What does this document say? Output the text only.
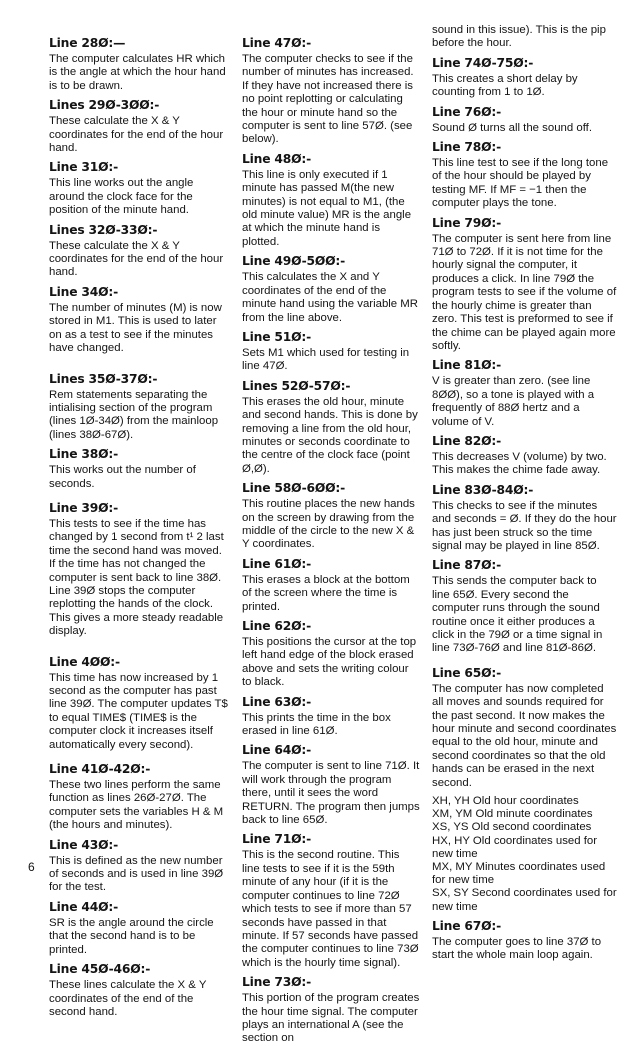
Line 28Ø:—
The computer calculates HR which is the angle at which the hour hand is to be drawn.
Lines 29Ø-3ØØ:-
These calculate the X & Y coordinates for the end of the hour hand.
Line 31Ø:-
This line works out the angle around the clock face for the position of the minute hand.
Lines 32Ø-33Ø:-
These calculate the X & Y coordinates for the end of the hour hand.
Line 34Ø:-
The number of minutes (M) is now stored in M1. This is used to later on as a test to see if the minutes have changed.
Lines 35Ø-37Ø:-
Rem statements separating the intialising section of the program (lines 1Ø-34Ø) from the mainloop (lines 38Ø-67Ø).
Line 38Ø:-
This works out the number of seconds.
Line 39Ø:-
This tests to see if the time has changed by 1 second from t¹ 2 last time the second hand was moved. If the time has not changed the computer is sent back to line 38Ø. Line 39Ø stops the computer replotting the hands of the clock. This gives a more steady readable display.
Line 4ØØ:-
This time has now increased by 1 second as the computer has past line 39Ø. The computer updates T$ to equal TIME$ (TIME$ is the computer clock it increases itself automatically every second).
Line 41Ø-42Ø:-
These two lines perform the same function as lines 26Ø-27Ø. The computer sets the variables H & M (the hours and minutes).
Line 43Ø:-
This is defined as the new number of seconds and is used in line 39Ø for the test.
Line 44Ø:-
SR is the angle around the circle that the second hand is to be printed.
Line 45Ø-46Ø:-
These lines calculate the X & Y coordinates of the end of the second hand.
Line 47Ø:-
The computer checks to see if the number of minutes has increased. If they have not increased there is no point replotting or calculating the hour or minute hand so the computer is sent to line 57Ø. (see below).
Line 48Ø:-
This line is only executed if 1 minute has passed M(the new minutes) is not equal to M1, (the old minute value) MR is the angle at which the minute hand is plotted.
Line 49Ø-5ØØ:-
This calculates the X and Y coordinates of the end of the minute hand using the variable MR from the line above.
Line 51Ø:-
Sets M1 which used for testing in line 47Ø.
Lines 52Ø-57Ø:-
This erases the old hour, minute and second hands. This is done by removing a line from the old hour, minutes or seconds coordinate to the centre of the clock face (point Ø,Ø).
Line 58Ø-6ØØ:-
This routine places the new hands on the screen by drawing from the middle of the circle to the new X & Y coordinates.
Line 61Ø:-
This erases a block at the bottom of the screen where the time is printed.
Line 62Ø:-
This positions the cursor at the top left hand edge of the block erased above and sets the writing colour to black.
Line 63Ø:-
This prints the time in the box erased in line 61Ø.
Line 64Ø:-
The computer is sent to line 71Ø. It will work through the program there, until it sees the word RETURN. The program then jumps back to line 65Ø.
Line 71Ø:-
This is the second routine. This line tests to see if it is the 59th minute of any hour (if it is the computer continues to line 72Ø which tests to see if more than 57 seconds have passed in that minute. If 57 seconds have passed the computer continues to line 73Ø which is the hourly time signal).
Line 73Ø:-
This portion of the program creates the hour time signal. The computer plays an international A (see the section on
sound in this issue). This is the pip before the hour.
Line 74Ø-75Ø:-
This creates a short delay by counting from 1 to 1Ø.
Line 76Ø:-
Sound Ø turns all the sound off.
Line 78Ø:-
This line test to see if the long tone of the hour should be played by testing MF. If MF = −1 then the computer plays the tone.
Line 79Ø:-
The computer is sent here from line 71Ø to 72Ø. If it is not time for the hourly signal the computer, it produces a click. In line 79Ø the program tests to see if the volume of the hourly chime is greater than zero. This test is preformed to see if the chime can be played again more softly.
Line 81Ø:-
V is greater than zero. (see line 8ØØ), so a tone is played with a frequently of 88Ø hertz and a volume of V.
Line 82Ø:-
This decreases V (volume) by two. This makes the chime fade away.
Line 83Ø-84Ø:-
This checks to see if the minutes and seconds = Ø. If they do the hour has just been struck so the time signal may be played in line 85Ø.
Line 87Ø:-
This sends the computer back to line 65Ø. Every second the computer runs through the sound routine once it either produces a click in the 79Ø or a time signal in line 73Ø-76Ø and line 81Ø-86Ø.
Line 65Ø:-
The computer has now completed all moves and sounds required for the past second. It now makes the hour minute and second coordinates equal to the old hour, minute and second coordinates so that the old hands can be erased in the next second.
XH, YH Old hour coordinates
XM, YM Old minute coordinates
XS, YS Old second coordinates
HX, HY Old coordinates used for new time
MX, MY Minutes coordinates used for new time
SX, SY Second coordinates used for new time
Line 67Ø:-
The computer goes to line 37Ø to start the whole main loop again.
6
